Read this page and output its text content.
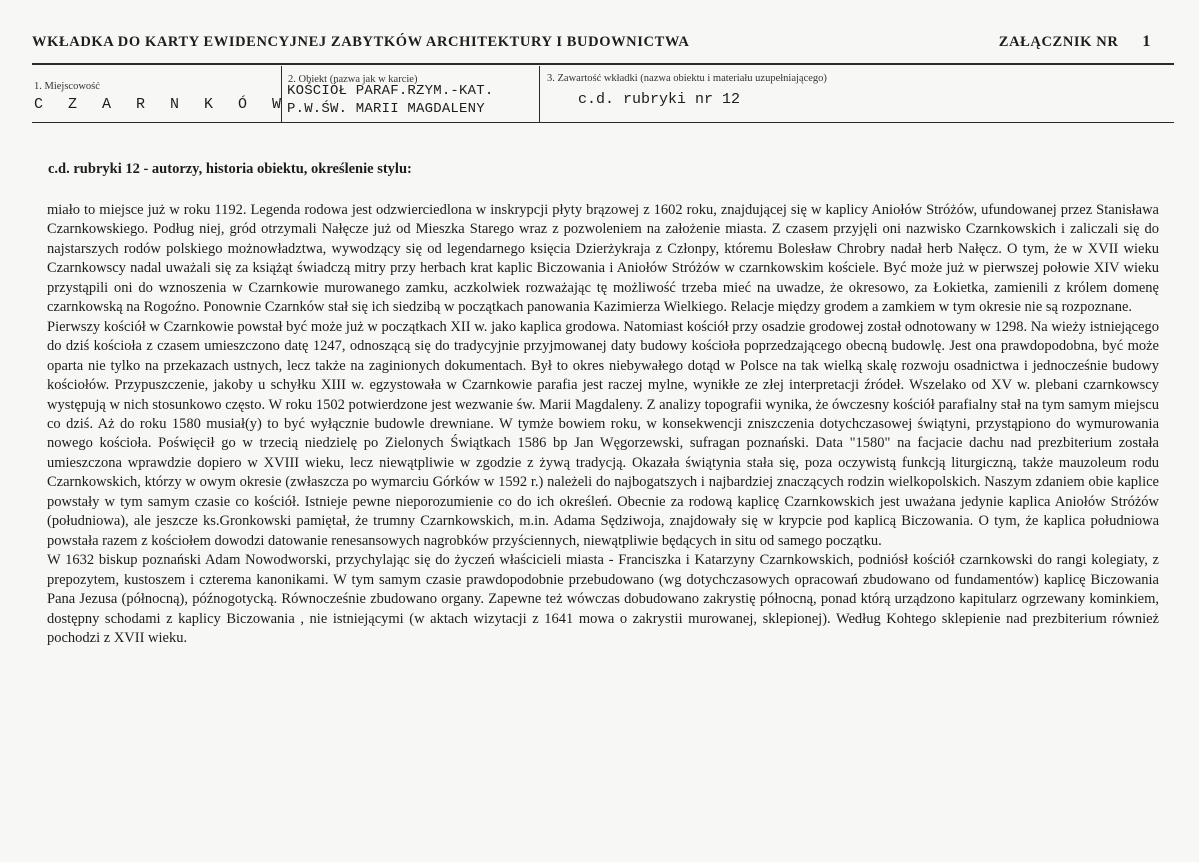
WKŁADKA DO KARTY EWIDENCYJNEJ ZABYTKÓW ARCHITEKTURY I BUDOWNICTWA	ZAŁĄCZNIK NR 1
1. Miejscowość
C Z A R N K Ó W
2. Obiekt (nazwa jak w karcie)
KOŚCIÓŁ PARAF.RZYM.-KAT.
P.W.ŚW. MARII MAGDALENY
3. Zawartość wkładki (nazwa obiektu i materiału uzupełniającego)
c.d. rubryki nr 12
c.d. rubryki 12 - autorzy, historia obiektu, określenie stylu:

miało to miejsce już w roku 1192. Legenda rodowa jest odzwierciedlona w inskrypcji płyty brązowej z 1602 roku, znajdującej się w kaplicy Aniołów Stróżów, ufundowanej przez Stanisława Czarnkowskiego. Podług niej, gród otrzymali Nałęcze już od Mieszka Starego wraz z pozwoleniem na założenie miasta. Z czasem przyjęli oni nazwisko Czarnkowskich i zaliczali się do najstarszych rodów polskiego możnowładztwa, wywodzący się od legendarnego księcia Dzierżykraja z Członpy, któremu Bolesław Chrobry nadał herb Nałęcz. O tym, że w XVII wieku Czarnkowscy nadal uważali się za książąt świadczą mitry przy herbach krat kaplic Biczowania i Aniołów Stróżów w czarnkowskim kościele. Być może już w pierwszej połowie XIV wieku przystąpili oni do wznoszenia w Czarnkowie murowanego zamku, aczkolwiek rozważając tę możliwość trzeba mieć na uwadze, że okresowo, za Łokietka, zamienili z królem domenę czarnkowską na Rogoźno. Ponownie Czarnków stał się ich siedzibą w początkach panowania Kazimierza Wielkiego. Relacje między grodem a zamkiem w tym okresie nie są rozpoznane.

Pierwszy kościół w Czarnkowie powstał być może już w początkach XII w. jako kaplica grodowa. Natomiast kościół przy osadzie grodowej został odnotowany w 1298. Na wieży istniejącego do dziś kościoła z czasem umieszczono datę 1247, odnoszącą się do tradycyjnie przyjmowanej daty budowy kościoła poprzedzającego obecną budowlę. Jest ona prawdopodobna, być może oparta nie tylko na przekazach ustnych, lecz także na zaginionych dokumentach. Był to okres niebywałego dotąd w Polsce na tak wielką skalę rozwoju osadnictwa i jednocześnie budowy kościołów. Przypuszczenie, jakoby u schyłku XIII w. egzystowała w Czarnkowie parafia jest raczej mylne, wynikłe ze złej interpretacji źródeł. Wszelako od XV w. plebani czarnkowscy występują w nich stosunkowo często. W roku 1502 potwierdzone jest wezwanie św. Marii Magdaleny. Z analizy topografii wynika, że ówczesny kościół parafialny stał na tym samym miejscu co dziś. Aż do roku 1580 musiał(y) to być wyłącznie budowle drewniane. W tymże bowiem roku, w konsekwencji zniszczenia dotychczasowej świątyni, przystąpiono do wymurowania nowego kościoła. Poświęcił go w trzecią niedzielę po Zielonych Świątkach 1586 bp Jan Węgorzewski, sufragan poznański. Data "1580" na facjacie dachu nad prezbiterium została umieszczona wprawdzie dopiero w XVIII wieku, lecz niewątpliwie w zgodzie z żywą tradycją. Okazała świątynia stała się, poza oczywistą funkcją liturgiczną, także mauzoleum rodu Czarnkowskich, którzy w owym okresie (zwłaszcza po wymarciu Górków w 1592 r.) należeli do najbogatszych i najbardziej znaczących rodzin wielkopolskich. Naszym zdaniem obie kaplice powstały w tym samym czasie co kościół. Istnieje pewne nieporozumienie co do ich określeń. Obecnie za rodową kaplicę Czarnkowskich jest uważana jedynie kaplica Aniołów Stróżów (południowa), ale jeszcze ks.Gronkowski pamiętał, że trumny Czarnkowskich, m.in. Adama Sędziwoja, znajdowały się w krypcie pod kaplicą Biczowania. O tym, że kaplica południowa powstała razem z kościołem dowodzi datowanie renesansowych nagrobków przyściennych, niewątpliwie będących in situ od samego początku.

W 1632 biskup poznański Adam Nowodworski, przychylając się do życzeń właścicieli miasta - Franciszka i Katarzyny Czarnkowskich, podniósł kościół czarnkowski do rangi kolegiaty, z prepozytem, kustoszem i czterema kanonikami. W tym samym czasie prawdopodobnie przebudowano (wg dotychczasowych opracowań zbudowano od fundamentów) kaplicę Biczowania Pana Jezusa (północną), późnogotycką. Równocześnie zbudowano organy. Zapewne też wówczas dobudowano zakrystię północną, ponad którą urządzono kapitularz ogrzewany kominkiem, dostępny schodami z kaplicy Biczowania , nie istniejącymi (w aktach wizytacji z 1641 mowa o zakrystii murowanej, sklepionej). Według Kohtego sklepienie nad prezbiterium również pochodzi z XVII wieku.
